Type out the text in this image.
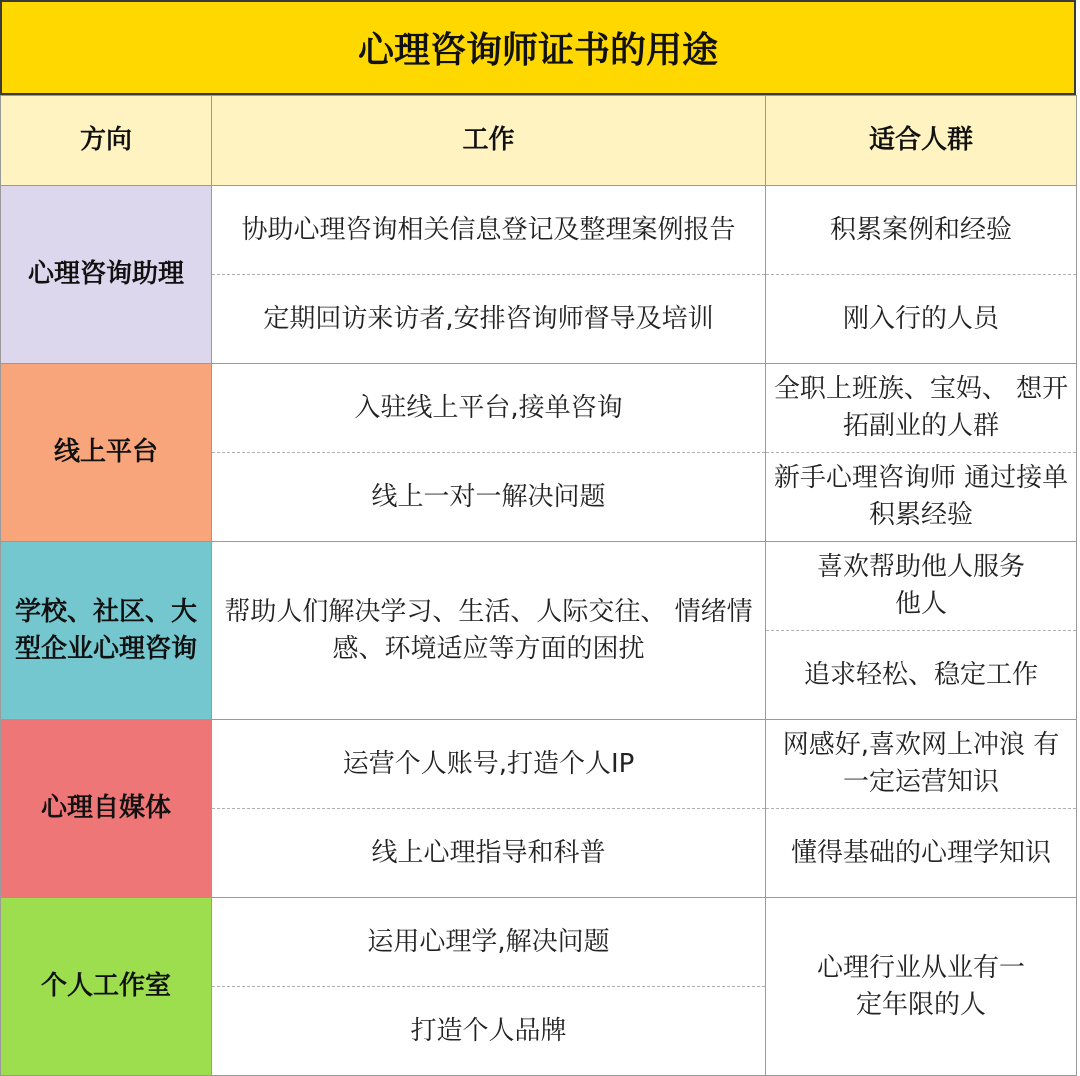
心理咨询师证书的用途
方向	工作	适合人群
心理咨询助理	协助心理咨询相关信息登记及整理案例报告	积累案例和经验
	定期回访来访者,安排咨询师督导及培训	刚入行的人员
线上平台	入驻线上平台,接单咨询	全职上班族、宝妈、 想开拓副业的人群
	线上一对一解决问题	新手心理咨询师 通过接单积累经验
学校、社区、大型企业心理咨询	帮助人们解决学习、生活、人际交往、 情绪情感、环境适应等方面的困扰	喜欢帮助他人服务他人
		追求轻松、稳定工作
心理自媒体	运营个人账号,打造个人IP	网感好,喜欢网上冲浪 有一定运营知识
	线上心理指导和科普	懂得基础的心理学知识
个人工作室	运用心理学,解决问题	心理行业从业有一定年限的人
	打造个人品牌	
